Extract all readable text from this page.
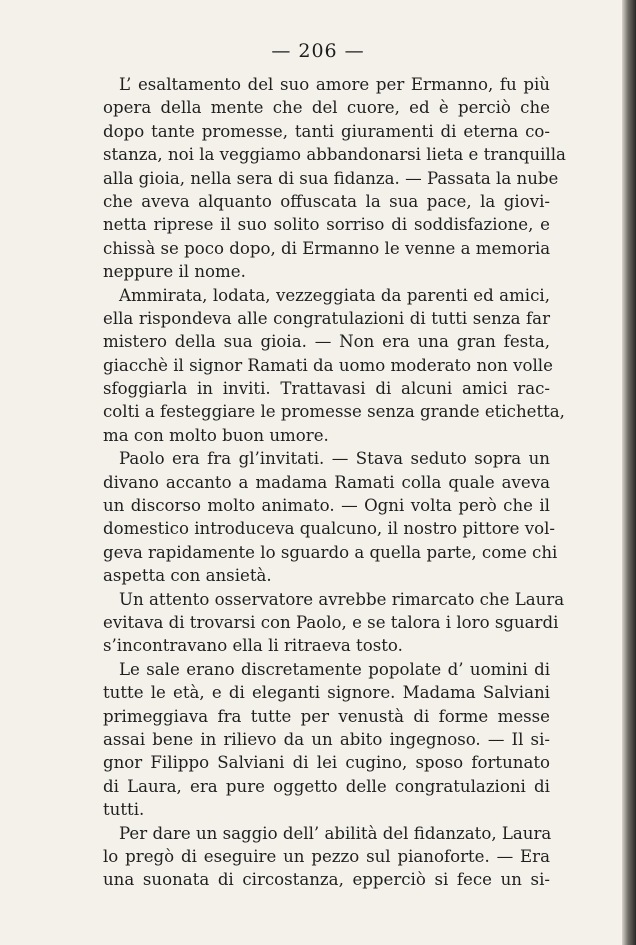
— 206 —
L’ esaltamento del suo amore per Ermanno, fu più
opera della mente che del cuore, ed è perciò che
dopo tante promesse, tanti giuramenti di eterna co-
stanza, noi la veggiamo abbandonarsi lieta e tranquilla
alla gioia, nella sera di sua fidanza. — Passata la nube
che aveva alquanto offuscata la sua pace, la giovi-
netta riprese il suo solito sorriso di soddisfazione, e
chissà se poco dopo, di Ermanno le venne a memoria
neppure il nome.
Ammirata, lodata, vezzeggiata da parenti ed amici,
ella rispondeva alle congratulazioni di tutti senza far
mistero della sua gioia. — Non era una gran festa,
giacchè il signor Ramati da uomo moderato non volle
sfoggiarla in inviti. Trattavasi di alcuni amici rac-
colti a festeggiare le promesse senza grande etichetta,
ma con molto buon umore.
Paolo era fra gl’invitati. — Stava seduto sopra un
divano accanto a madama Ramati colla quale aveva
un discorso molto animato. — Ogni volta però che il
domestico introduceva qualcuno, il nostro pittore vol-
geva rapidamente lo sguardo a quella parte, come chi
aspetta con ansietà.
Un attento osservatore avrebbe rimarcato che Laura
evitava di trovarsi con Paolo, e se talora i loro sguardi
s’incontravano ella li ritraeva tosto.
Le sale erano discretamente popolate d’ uomini di
tutte le età, e di eleganti signore. Madama Salviani
primeggiava fra tutte per venustà di forme messe
assai bene in rilievo da un abito ingegnoso. — Il si-
gnor Filippo Salviani di lei cugino, sposo fortunato
di Laura, era pure oggetto delle congratulazioni di
tutti.
Per dare un saggio dell’ abilità del fidanzato, Laura
lo pregò di eseguire un pezzo sul pianoforte. — Era
una suonata di circostanza, epperciò si fece un si-
